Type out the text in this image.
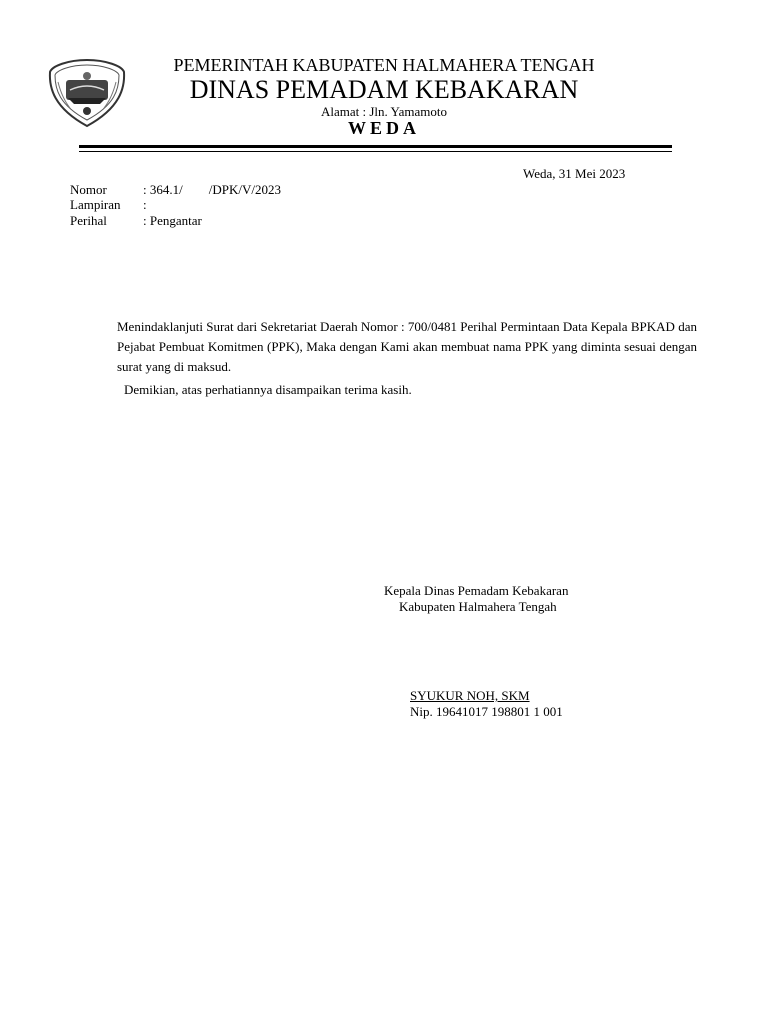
PEMERINTAH KABUPATEN HALMAHERA TENGAH
DINAS PEMADAM KEBAKARAN
Alamat : Jln. Yamamoto
WEDA
Weda, 31 Mei 2023
Nomor	: 364.1/        /DPK/V/2023
Lampiran :
Perihal	: Pengantar
Menindaklanjuti Surat dari Sekretariat Daerah Nomor : 700/0481 Perihal Permintaan Data Kepala BPKAD dan Pejabat Pembuat Komitmen (PPK), Maka dengan Kami akan membuat nama PPK yang diminta sesuai dengan surat yang di maksud.
Demikian, atas perhatiannya disampaikan terima kasih.
Kepala Dinas Pemadam Kebakaran
Kabupaten Halmahera Tengah
SYUKUR NOH, SKM
Nip. 19641017 198801 1 001
